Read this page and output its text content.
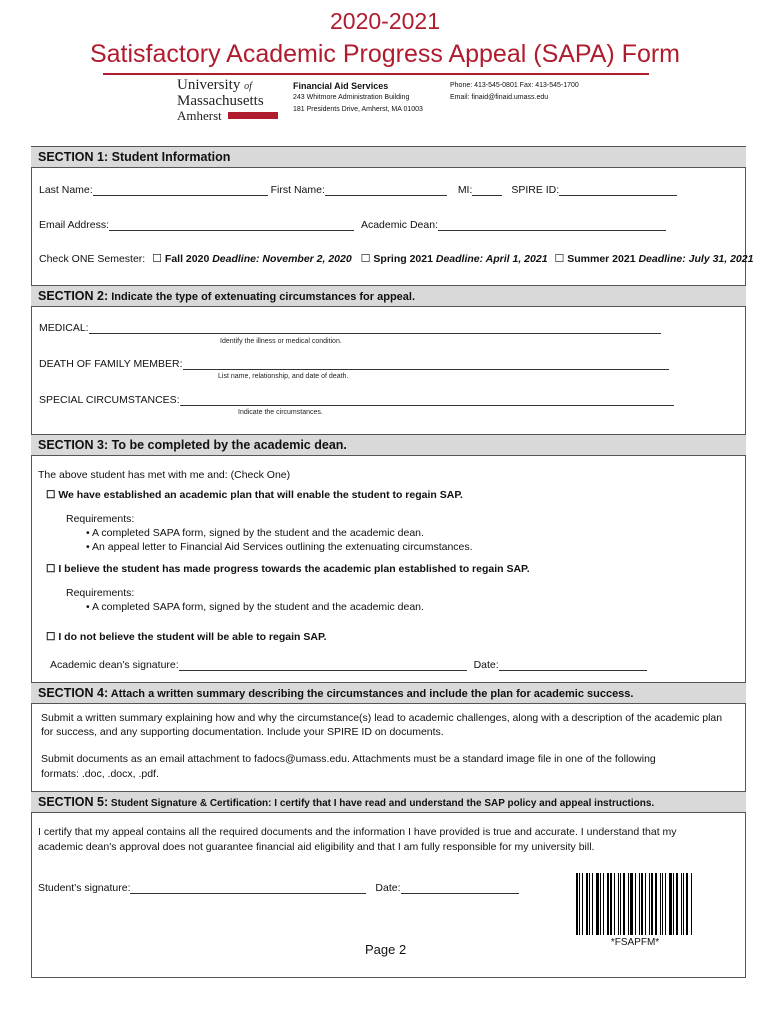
2020-2021
Satisfactory Academic Progress Appeal (SAPA) Form
University of
Massachusetts
Amherst
Financial Aid Services
243 Whitmore Administration Building
181 Presidents Drive, Amherst, MA 01003
Phone: 413-545-0801 Fax: 413-545-1700
Email: finaid@finaid.umass.edu
SECTION 1: Student Information
Last Name:	First Name:	MI:	SPIRE ID:
Email Address:	Academic Dean:
Check ONE Semester: ☐ Fall 2020 Deadline: November 2, 2020 ☐ Spring 2021 Deadline: April 1, 2021 ☐ Summer 2021 Deadline: July 31, 2021
SECTION 2: Indicate the type of extenuating circumstances for appeal.
MEDICAL:
Identify the illness or medical condition.
DEATH OF FAMILY MEMBER:
List name, relationship, and date of death.
SPECIAL CIRCUMSTANCES:
Indicate the circumstances.
SECTION 3: To be completed by the academic dean.
The above student has met with me and: (Check One)
☐ We have established an academic plan that will enable the student to regain SAP.
Requirements:
• A completed SAPA form, signed by the student and the academic dean.
• An appeal letter to Financial Aid Services outlining the extenuating circumstances.
☐ I believe the student has made progress towards the academic plan established to regain SAP.
Requirements:
• A completed SAPA form, signed by the student and the academic dean.
☐ I do not believe the student will be able to regain SAP.
Academic dean's signature:	Date:
SECTION 4: Attach a written summary describing the circumstances and include the plan for academic success.
Submit a written summary explaining how and why the circumstance(s) lead to academic challenges, along with a description of the academic plan
for success, and any supporting documentation. Include your SPIRE ID on documents.
Submit documents as an email attachment to fadocs@umass.edu. Attachments must be a standard image file in one of the following
formats: .doc, .docx, .pdf.
SECTION 5: Student Signature & Certification: I certify that I have read and understand the SAP policy and appeal instructions.
I certify that my appeal contains all the required documents and the information I have provided is true and accurate. I understand that my
academic dean's approval does not guarantee financial aid eligibility and that I am fully responsible for my university bill.
Student's signature:	Date:
*FSAPFM*
Page 2
